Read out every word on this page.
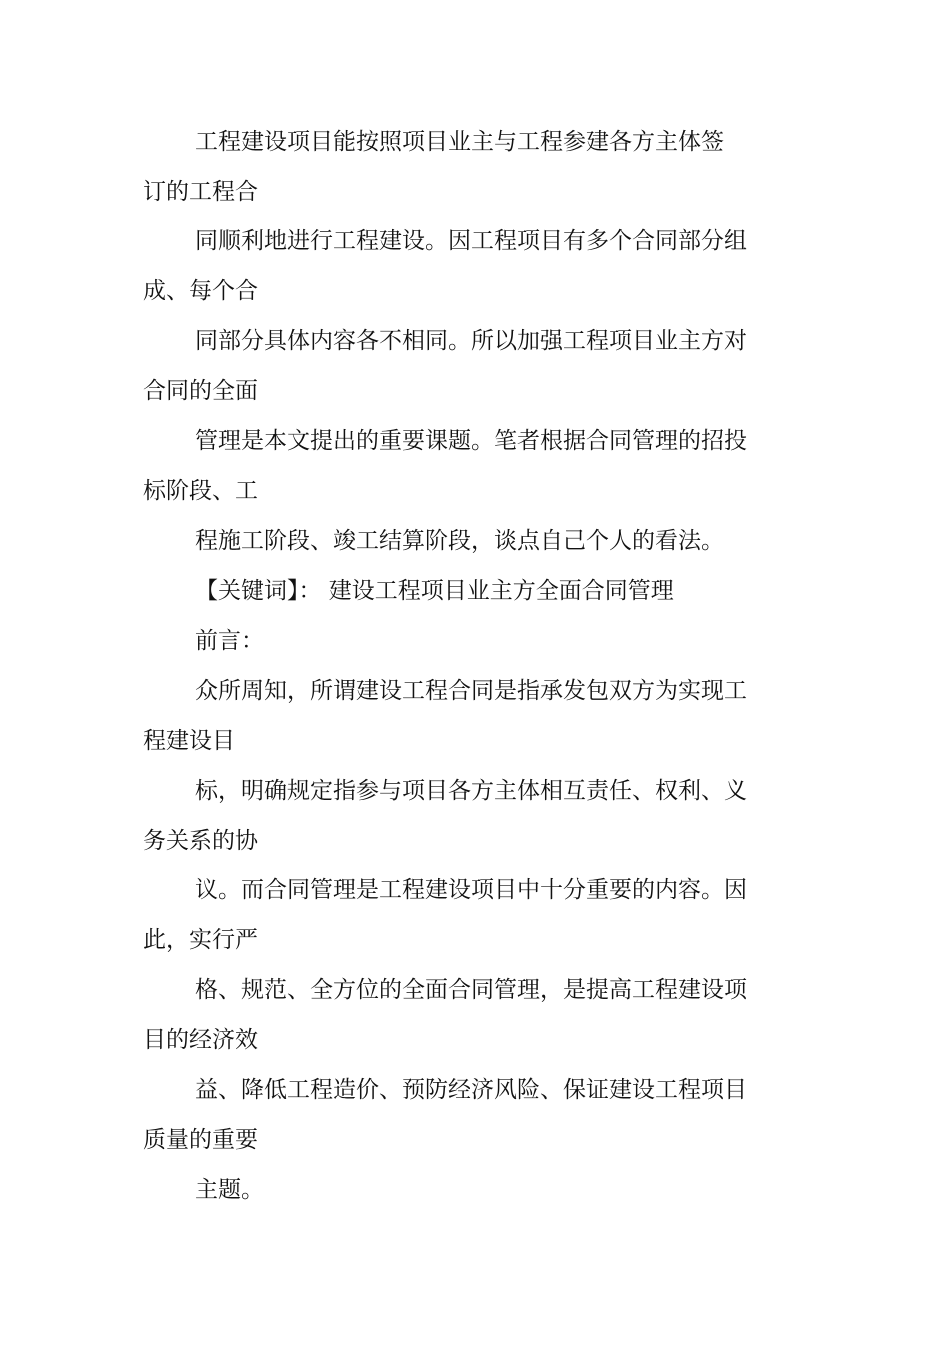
工程建设项目能按照项目业主与工程参建各方主体签
订的工程合
同顺利地进行工程建设。因工程项目有多个合同部分组
成、每个合
同部分具体内容各不相同。所以加强工程项目业主方对
合同的全面
管理是本文提出的重要课题。笔者根据合同管理的招投
标阶段、工
程施工阶段、竣工结算阶段，谈点自己个人的看法。
【关键词】： 建设工程项目业主方全面合同管理
前言：
众所周知，所谓建设工程合同是指承发包双方为实现工
程建设目
标，明确规定指参与项目各方主体相互责任、权利、义
务关系的协
议。而合同管理是工程建设项目中十分重要的内容。因
此，实行严
格、规范、全方位的全面合同管理，是提高工程建设项
目的经济效
益、降低工程造价、预防经济风险、保证建设工程项目
质量的重要
主题。
